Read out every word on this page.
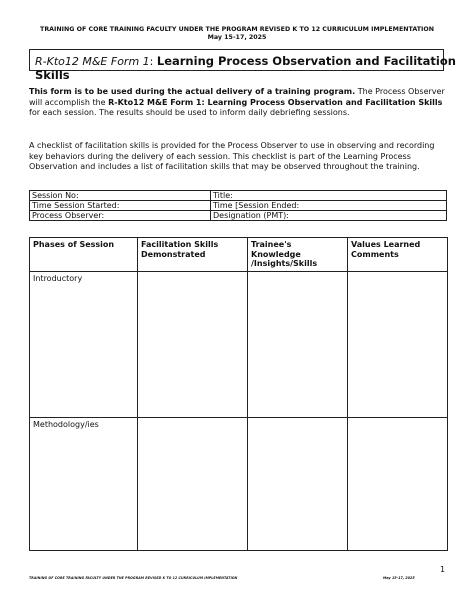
TRAINING OF CORE TRAINING FACULTY UNDER THE PROGRAM REVISED K TO 12 CURRICULUM IMPLEMENTATION
May 15-17, 2025
R-Kto12 M&E Form 1: Learning Process Observation and Facilitation
Skills

This form is to be used during the actual delivery of a training program. The Process Observer will accomplish the R-Kto12 M&E Form 1: Learning Process Observation and Facilitation Skills for each session. The results should be used to inform daily debriefing sessions.

A checklist of facilitation skills is provided for the Process Observer to use in observing and recording key behaviors during the delivery of each session. This checklist is part of the Learning Process Observation and includes a list of facilitation skills that may be observed throughout the training.

Session No:	Title:
Time Session Started:	Time [Session Ended:
Process Observer:	Designation (PMT):
Phases of Session	Facilitation Skills Demonstrated	Trainee's Knowledge /Insights/Skills	Values Learned Comments
Introductory			
Methodology/ies			
1
TRAINING OF CORE TRAINING FACULTY UNDER THE PROGRAM REVISED K TO 12 CURRICULUM IMPLEMENTATION	May 15-17, 2025
